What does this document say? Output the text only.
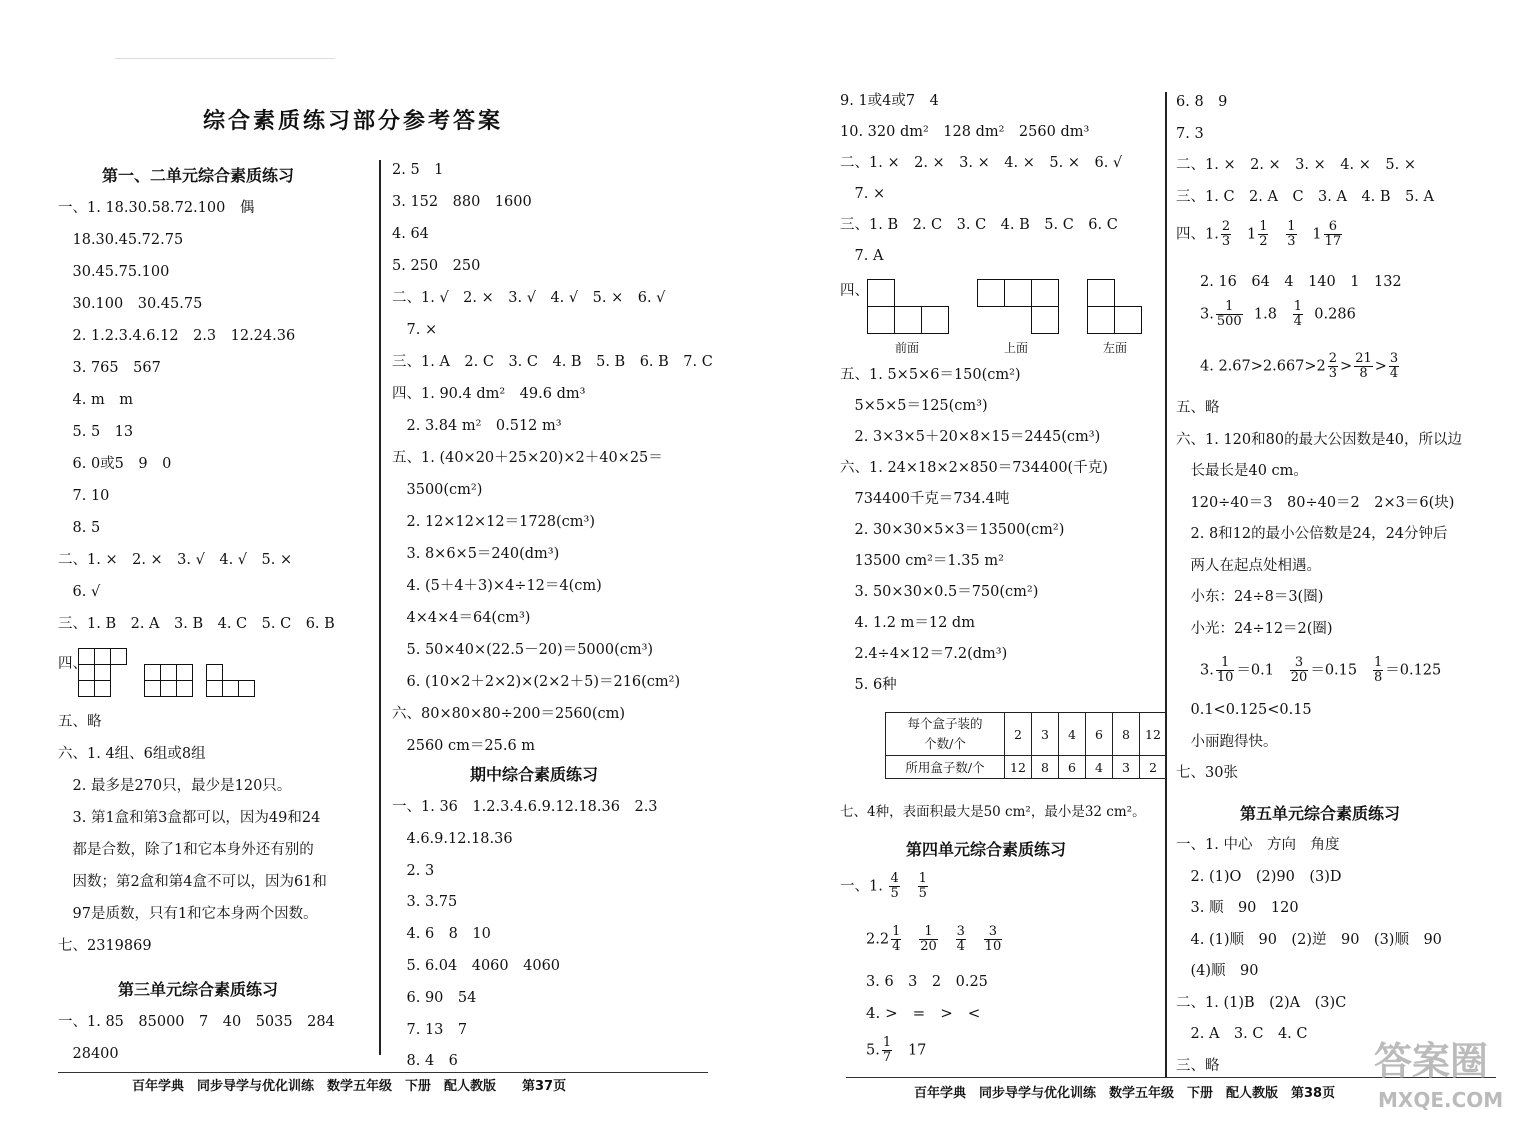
综合素质练习部分参考答案
第一、二单元综合素质练习
一、1. 18.30.58.72.100　偶
　18.30.45.72.75
　30.45.75.100
　30.100　30.45.75
　2. 1.2.3.4.6.12　2.3　12.24.36
　3. 765　567
　4. m　m
　5. 5　13
　6. 0或5　9　0
　7. 10
　8. 5
二、1. ×　2. ×　3. √　4. √　5. ×
　6. √
三、1. B　2. A　3. B　4. C　5. C　6. B
四、
五、略
六、1. 4组、6组或8组
　2. 最多是270只，最少是120只。
　3. 第1盒和第3盒都可以，因为49和24
　都是合数，除了1和它本身外还有别的
　因数；第2盒和第4盒不可以，因为61和
　97是质数，只有1和它本身两个因数。
七、2319869
第三单元综合素质练习
一、1. 85　85000　7　40　5035　284
　28400
2. 5　1
3. 152　880　1600
4. 64
5. 250　250
二、1. √　2. ×　3. √　4. √　5. ×　6. √
　7. ×
三、1. A　2. C　3. C　4. B　5. B　6. B　7. C
四、1. 90.4 dm²　49.6 dm³
　2. 3.84 m²　0.512 m³
五、1. (40×20＋25×20)×2＋40×25＝
　3500(cm²)
　2. 12×12×12＝1728(cm³)
　3. 8×6×5＝240(dm³)
　4. (5＋4＋3)×4÷12＝4(cm)
　4×4×4＝64(cm³)
　5. 50×40×(22.5－20)＝5000(cm³)
　6. (10×2＋2×2)×(2×2＋5)＝216(cm²)
六、80×80×80÷200＝2560(cm)
　2560 cm＝25.6 m
期中综合素质练习
一、1. 36　1.2.3.4.6.9.12.18.36　2.3
　4.6.9.12.18.36
　2. 3
　3. 3.75
　4. 6　8　10
　5. 6.04　4060　4060
　6. 90　54
　7. 13　7
　8. 4　6
百年学典　同步导学与优化训练　数学五年级　下册　配人教版　　第37页
9. 1或4或7　4
10. 320 dm²　128 dm²　2560 dm³
二、1. ×　2. ×　3. ×　4. ×　5. ×　6. √
　7. ×
三、1. B　2. C　3. C　4. B　5. C　6. C
　7. A
四、
前面	上面	左面
五、1. 5×5×6＝150(cm²)
　5×5×5＝125(cm³)
　2. 3×3×5＋20×8×15＝2445(cm³)
六、1. 24×18×2×850＝734400(千克)
　734400千克＝734.4吨
　2. 30×30×5×3＝13500(cm²)
　13500 cm²＝1.35 m²
　3. 50×30×0.5＝750(cm²)
　4. 1.2 m＝12 dm
　2.4÷4×12＝7.2(dm³)
　5. 6种
每个盒子装的
个数/个	2	3	4	6	8	12
所用盒子数/个	12	8	6	4	3	2
七、4种，表面积最大是50 cm²，最小是32 cm²。
第四单元综合素质练习
一、1. $\frac{4}{5}$
$\frac{1}{5}$
$2.2 \frac{1}{4}$
$\frac{1}{20}$
$\frac{3}{4}$
$\frac{3}{10}$
3. 6　3　2　0.25
4. >　=　>　<
5. $\frac{1}{7} 17$
6. 8　9
7. 3
二、1. ×　2. ×　3. ×　4. ×　5. ×
三、1. C　2. A　C　3. A　4. B　5. A
四、1. $\frac{2}{3} 1 \frac{1}{2}$
$\frac{1}{3} 1 \frac{6}{17}$
2. 16　64　4　140　1　132
3. $\frac{1}{500} 1.8 \frac{1}{4} 0.286$
4. $2.67>2.667>2 \frac{2}{3} > \frac{21}{8} > \frac{3}{4}$
五、略
六、1. 120和80的最大公因数是40，所以边
　长最长是40 cm。
　120÷40＝3　80÷40＝2　2×3＝6(块)
　2. 8和12的最小公倍数是24，24分钟后
　两人在起点处相遇。
　小东：24÷8＝3(圈)
　小光：24÷12＝2(圈)
3. $\frac{1}{10} =0.1 \frac{3}{20} =0.15 \frac{1}{8} =0.125$
　0.1<0.125<0.15
　小丽跑得快。
七、30张
第五单元综合素质练习
一、1. 中心　方向　角度
　2. (1)O　(2)90　(3)D
　3. 顺　90　120
　4. (1)顺　90　(2)逆　90　(3)顺　90
　(4)顺　90
二、1. (1)B　(2)A　(3)C
　2. A　3. C　4. C
三、略
百年学典　同步导学与优化训练　数学五年级　下册　配人教版　第38页
答案圈
MXQE.COM
